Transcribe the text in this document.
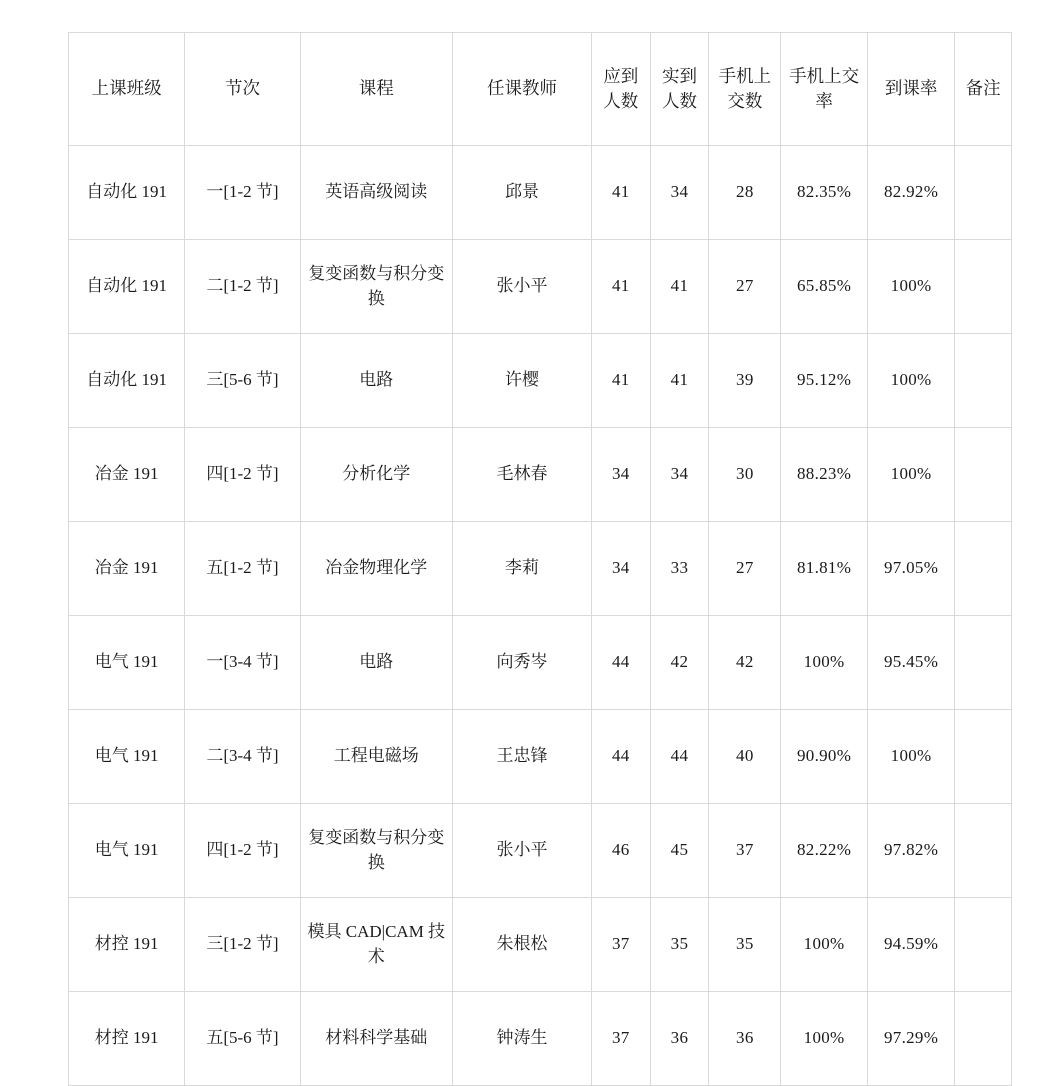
上课班级	节次	课程	任课教师	应到人数	实到人数	手机上交数	手机上交率	到课率	备注
自动化 191	一[1-2 节]	英语高级阅读	邱景	41	34	28	82.35%	82.92%	
自动化 191	二[1-2 节]	复变函数与积分变换	张小平	41	41	27	65.85%	100%	
自动化 191	三[5-6 节]	电路	许樱	41	41	39	95.12%	100%	
冶金 191	四[1-2 节]	分析化学	毛林春	34	34	30	88.23%	100%	
冶金 191	五[1-2 节]	冶金物理化学	李莉	34	33	27	81.81%	97.05%	
电气 191	一[3-4 节]	电路	向秀岑	44	42	42	100%	95.45%	
电气 191	二[3-4 节]	工程电磁场	王忠锋	44	44	40	90.90%	100%	
电气 191	四[1-2 节]	复变函数与积分变换	张小平	46	45	37	82.22%	97.82%	
材控 191	三[1-2 节]	模具 CAD|CAM 技术	朱根松	37	35	35	100%	94.59%	
材控 191	五[5-6 节]	材料科学基础	钟涛生	37	36	36	100%	97.29%	
